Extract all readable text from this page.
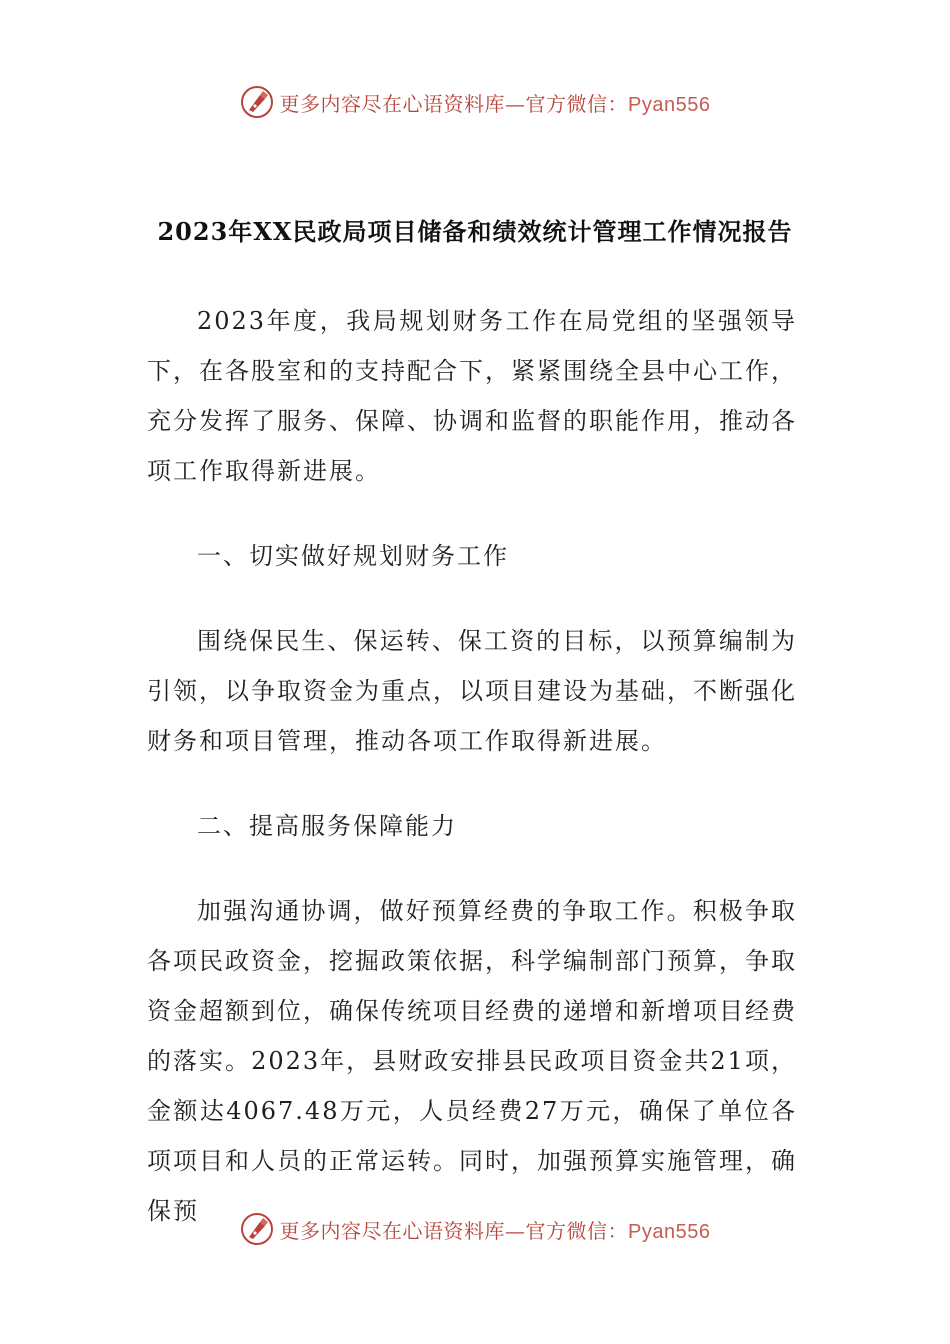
更多内容尽在心语资料库—官方微信：Pyan556
2023年XX民政局项目储备和绩效统计管理工作情况报告

2023年度，我局规划财务工作在局党组的坚强领导下，在各股室和的支持配合下，紧紧围绕全县中心工作，充分发挥了服务、保障、协调和监督的职能作用，推动各项工作取得新进展。

一、切实做好规划财务工作

围绕保民生、保运转、保工资的目标，以预算编制为引领，以争取资金为重点，以项目建设为基础，不断强化财务和项目管理，推动各项工作取得新进展。

二、提高服务保障能力

加强沟通协调，做好预算经费的争取工作。积极争取各项民政资金，挖掘政策依据，科学编制部门预算，争取资金超额到位，确保传统项目经费的递增和新增项目经费的落实。2023年，县财政安排县民政项目资金共21项，金额达4067.48万元，人员经费27万元，确保了单位各项项目和人员的正常运转。同时，加强预算实施管理，确保预

更多内容尽在心语资料库—官方微信：Pyan556
